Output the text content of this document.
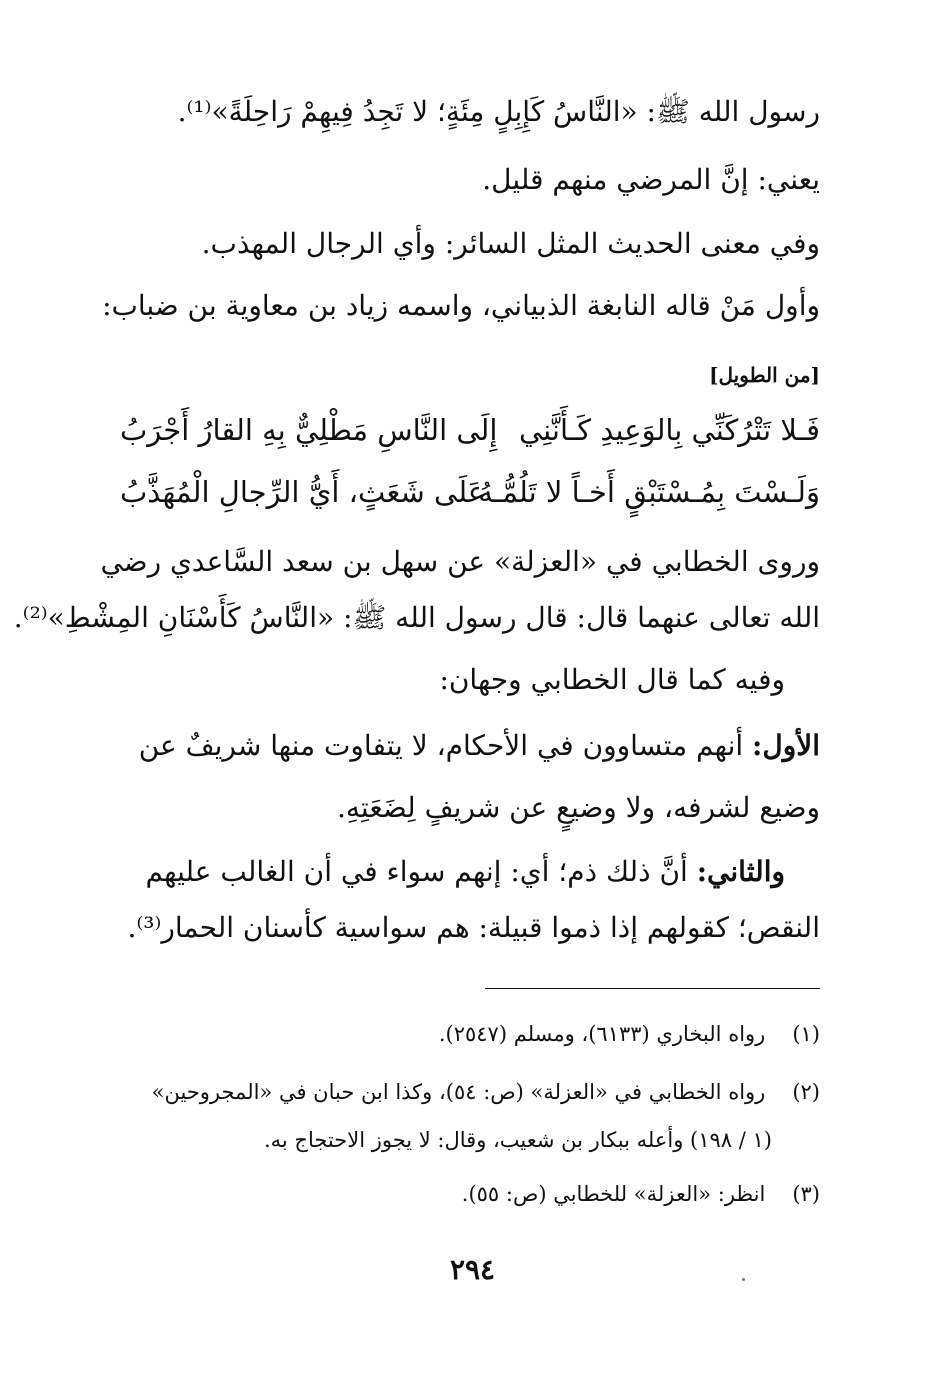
رسول الله ﷺ: «النَّاسُ كَإِبِلٍ مِئَةٍ؛ لا تَجِدُ فِيهِمْ رَاحِلَةً»⁽¹⁾.
يعني: إنَّ المرضي منهم قليل.
وفي معنى الحديث المثل السائر: وأي الرجال المهذب.
وأول مَنْ قاله النابغة الذبياني، واسمه زياد بن معاوية بن ضباب:
[من الطويل]
فَـلا تَتْرُكَنِّي بِالوَعِيدِ كَـأَنَّنِي
إِلَى النَّاسِ مَطْلِيٌّ بِهِ القارُ أَجْرَبُ
وَلَـسْتَ بِمُـسْتَبْقٍ أَخـاً لا تَلُمُّـهُ
عَلَى شَعَثٍ، أَيُّ الرِّجالِ الْمُهَذَّبُ
وروى الخطابي في «العزلة» عن سهل بن سعد السَّاعدي رضي
الله تعالى عنهما قال: قال رسول الله ﷺ: «النَّاسُ كَأَسْنَانِ المِشْطِ»⁽²⁾.
وفيه كما قال الخطابي وجهان:
الأول: أنهم متساوون في الأحكام، لا يتفاوت منها شريفٌ عن
وضيع لشرفه، ولا وضيعٍ عن شريفٍ لِضَعَتِهِ.
والثاني: أنَّ ذلك ذم؛ أي: إنهم سواء في أن الغالب عليهم
النقص؛ كقولهم إذا ذموا قبيلة: هم سواسية كأسنان الحمار⁽³⁾.
(١) رواه البخاري (٦١٣٣)، ومسلم (٢٥٤٧).
(٢) رواه الخطابي في «العزلة» (ص: ٥٤)، وكذا ابن حبان في «المجروحين»
(١ / ١٩٨) وأعله ببكار بن شعيب، وقال: لا يجوز الاحتجاج به.
(٣) انظر: «العزلة» للخطابي (ص: ٥٥).
٢٩٤
